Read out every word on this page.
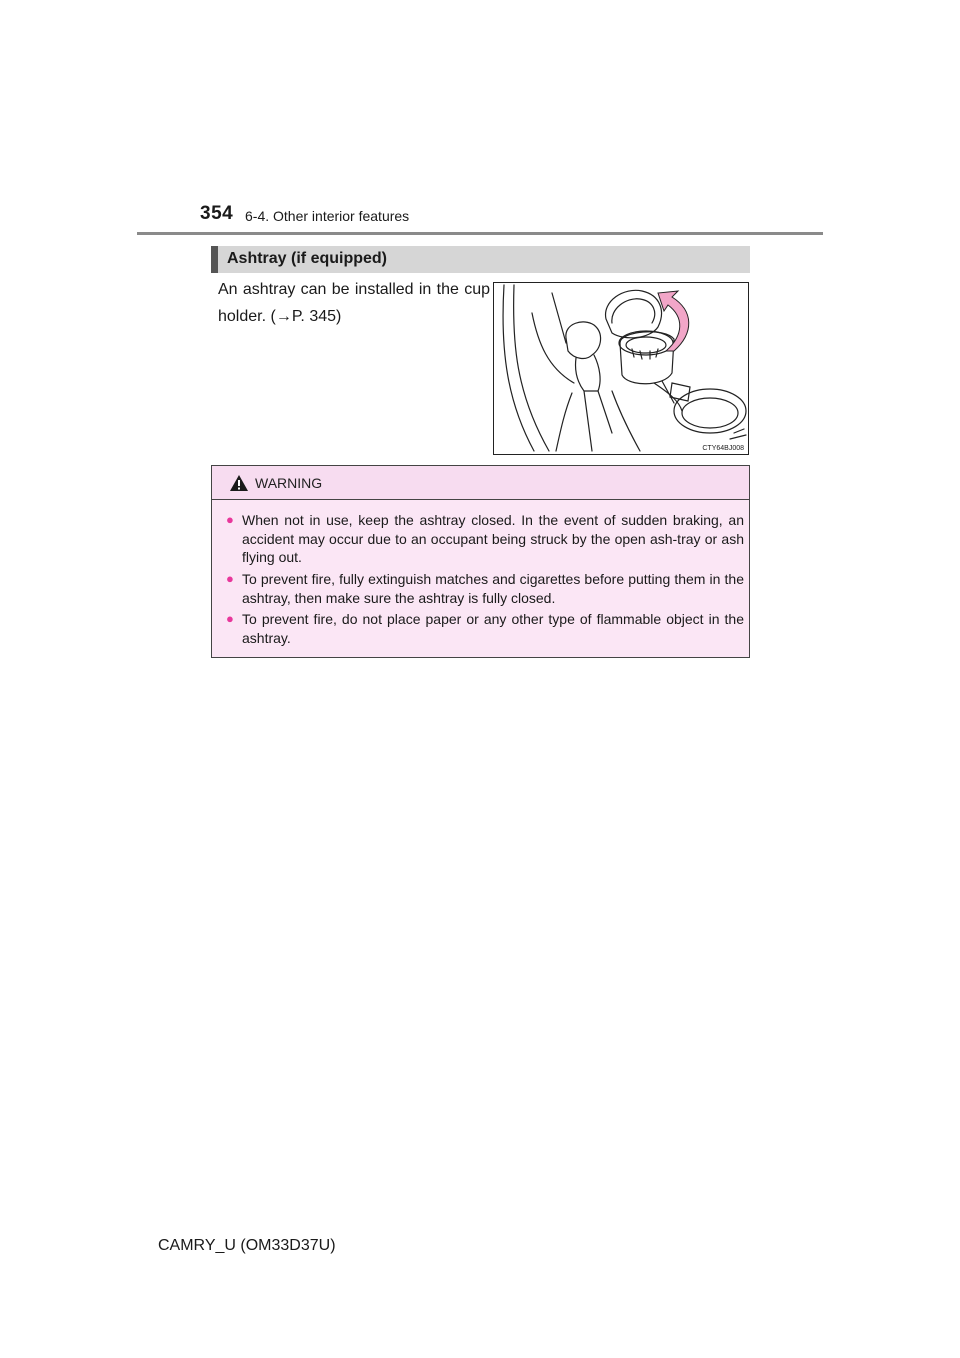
354 6-4. Other interior features
Ashtray (if equipped)
An ashtray can be installed in the cup holder. (→P. 345)
CTY64BJ008
WARNING
● When not in use, keep the ashtray closed. In the event of sudden braking, an accident may occur due to an occupant being struck by the open ash-tray or ash flying out.
● To prevent fire, fully extinguish matches and cigarettes before putting them in the ashtray, then make sure the ashtray is fully closed.
● To prevent fire, do not place paper or any other type of flammable object in the ashtray.
CAMRY_U (OM33D37U)
